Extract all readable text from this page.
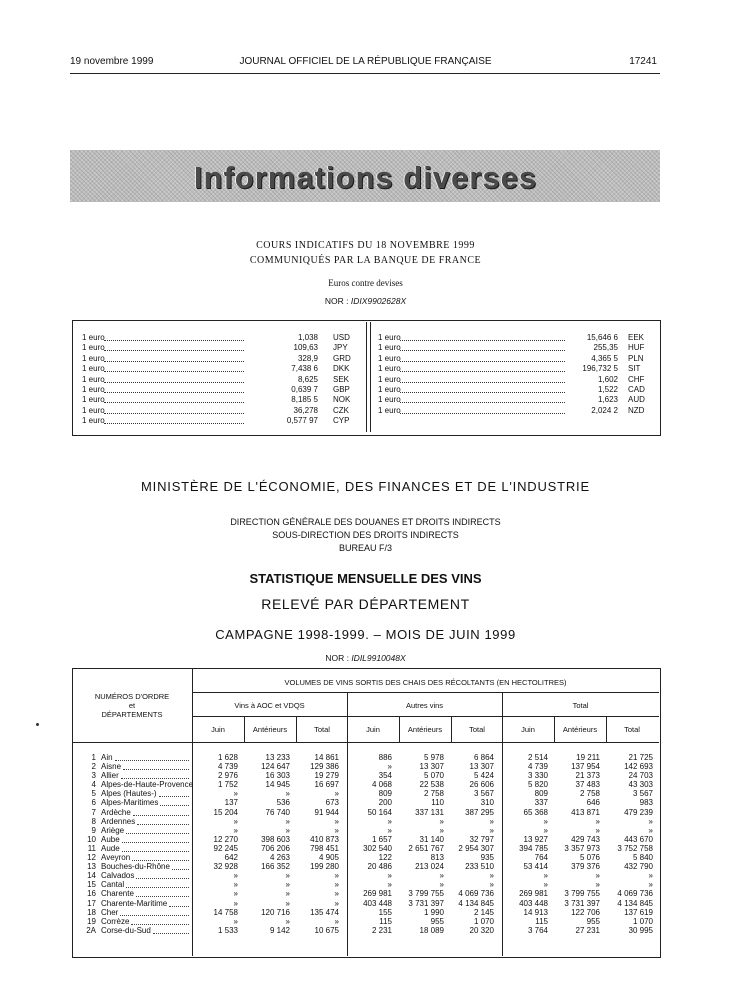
19 novembre 1999	JOURNAL OFFICIEL DE LA RÉPUBLIQUE FRANÇAISE	17241
Informations diverses
COURS INDICATIFS DU 18 NOVEMBRE 1999
COMMUNIQUÉS PAR LA BANQUE DE FRANCE
Euros contre devises
NOR : IDIX9902628X
1 euro	1,038 USD
1 euro	109,63 JPY
1 euro	328,9 GRD
1 euro	7,438 6 DKK
1 euro	8,625 SEK
1 euro	0,639 7 GBP
1 euro	8,185 5 NOK
1 euro	36,278 CZK
1 euro	0,577 97 CYP
1 euro	15,646 6 EEK
1 euro	255,35 HUF
1 euro	4,365 5 PLN
1 euro	196,732 5 SIT
1 euro	1,602 CHF
1 euro	1,522 CAD
1 euro	1,623 AUD
1 euro	2,024 2 NZD
MINISTÈRE DE L'ÉCONOMIE, DES FINANCES ET DE L'INDUSTRIE
DIRECTION GÉNÉRALE DES DOUANES ET DROITS INDIRECTS
SOUS-DIRECTION DES DROITS INDIRECTS
BUREAU F/3
STATISTIQUE MENSUELLE DES VINS
RELEVÉ PAR DÉPARTEMENT
CAMPAGNE 1998-1999. – MOIS DE JUIN 1999
NOR : IDIL9910048X
VOLUMES DE VINS SORTIS DES CHAIS DES RÉCOLTANTS (EN HECTOLITRES)
NUMÉROS D'ORDRE
et
DÉPARTEMENTS
Vins à AOC et VDQS	Autres vins	Total
Juin	Antérieurs	Total	Juin	Antérieurs	Total	Juin	Antérieurs	Total
1 Ain	1 628	13 233	14 861	886	5 978	6 864	2 514	19 211	21 725
2 Aisne	4 739	124 647	129 386	»	13 307	13 307	4 739	137 954	142 693
3 Allier	2 976	16 303	19 279	354	5 070	5 424	3 330	21 373	24 703
4 Alpes-de-Haute-Provence	1 752	14 945	16 697	4 068	22 538	26 606	5 820	37 483	43 303
5 Alpes (Hautes-)	»	»	»	809	2 758	3 567	809	2 758	3 567
6 Alpes-Maritimes	137	536	673	200	110	310	337	646	983
7 Ardèche	15 204	76 740	91 944	50 164	337 131	387 295	65 368	413 871	479 239
8 Ardennes	»	»	»	»	»	»	»	»	»
9 Ariège	»	»	»	»	»	»	»	»	»
10 Aube	12 270	398 603	410 873	1 657	31 140	32 797	13 927	429 743	443 670
11 Aude	92 245	706 206	798 451	302 540	2 651 767	2 954 307	394 785	3 357 973	3 752 758
12 Aveyron	642	4 263	4 905	122	813	935	764	5 076	5 840
13 Bouches-du-Rhône	32 928	166 352	199 280	20 486	213 024	233 510	53 414	379 376	432 790
14 Calvados	»	»	»	»	»	»	»	»	»
15 Cantal	»	»	»	»	»	»	»	»	»
16 Charente	»	»	»	269 981	3 799 755	4 069 736	269 981	3 799 755	4 069 736
17 Charente-Maritime	»	»	»	403 448	3 731 397	4 134 845	403 448	3 731 397	4 134 845
18 Cher	14 758	120 716	135 474	155	1 990	2 145	14 913	122 706	137 619
19 Corrèze	»	»	»	115	955	1 070	115	955	1 070
2A Corse-du-Sud	1 533	9 142	10 675	2 231	18 089	20 320	3 764	27 231	30 995
